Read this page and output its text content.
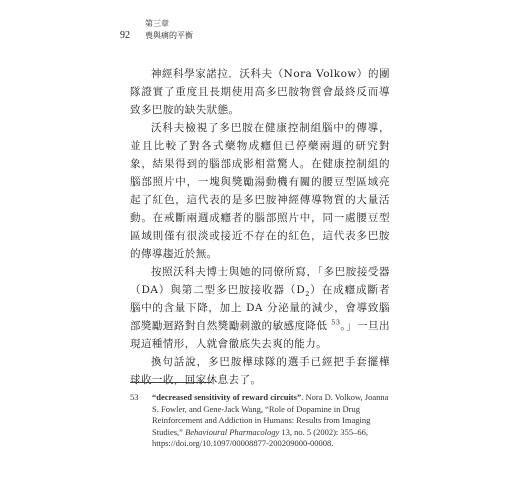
92 喪與痛的平衡
第三章

神經科學家諾拉．沃科夫（Nora Volkow）的團隊證實了重度且長期使用高多巴胺物質會最終反而導致多巴胺的缺失狀態。

沃科夫檢視了多巴胺在健康控制組腦中的傳導，並且比較了對各式藥物成癮但已停藥兩週的研究對象，結果得到的腦部成影相當驚人。在健康控制組的腦部照片中，一塊與獎勵湯動機有關的腰豆型區域亮起了紅色，這代表的是多巴胺神經傳導物質的大量活動。在戒斷兩週成癮者的腦部照片中，同一處腰豆型區域則僅有很淡或接近不存在的紅色，這代表多巴胺的傳導趨近於無。

按照沃科夫博士與她的同僚所寫，「多巴胺接受器（DA）與第二型多巴胺接收器$(D_2)$在成癮成斷者腦中的含量下降，加上 DA 分泌量的減少，會導致腦部獎勵迴路對自然獎勵刺激的敏感度降低 $^{53}$。」一旦出現這種情形，人就會徹底失去爽的能力。

換句話說，多巴胺樺球隊的選手已經把手套擺樺球收一收，回家休息去了。

53 “decreased sensitivity of reward circuits”. Nora D. Volkow, Joanna S. Fowler, and Gene-Jack Wang, “Role of Dopamine in Drug Reinforcement and Addiction in Humans: Results from Imaging Studies,” Behavioural Pharmacology 13, no. 5 (2002): 355–66, https://doi.org/10.1097/00008877-200209000-00008.
